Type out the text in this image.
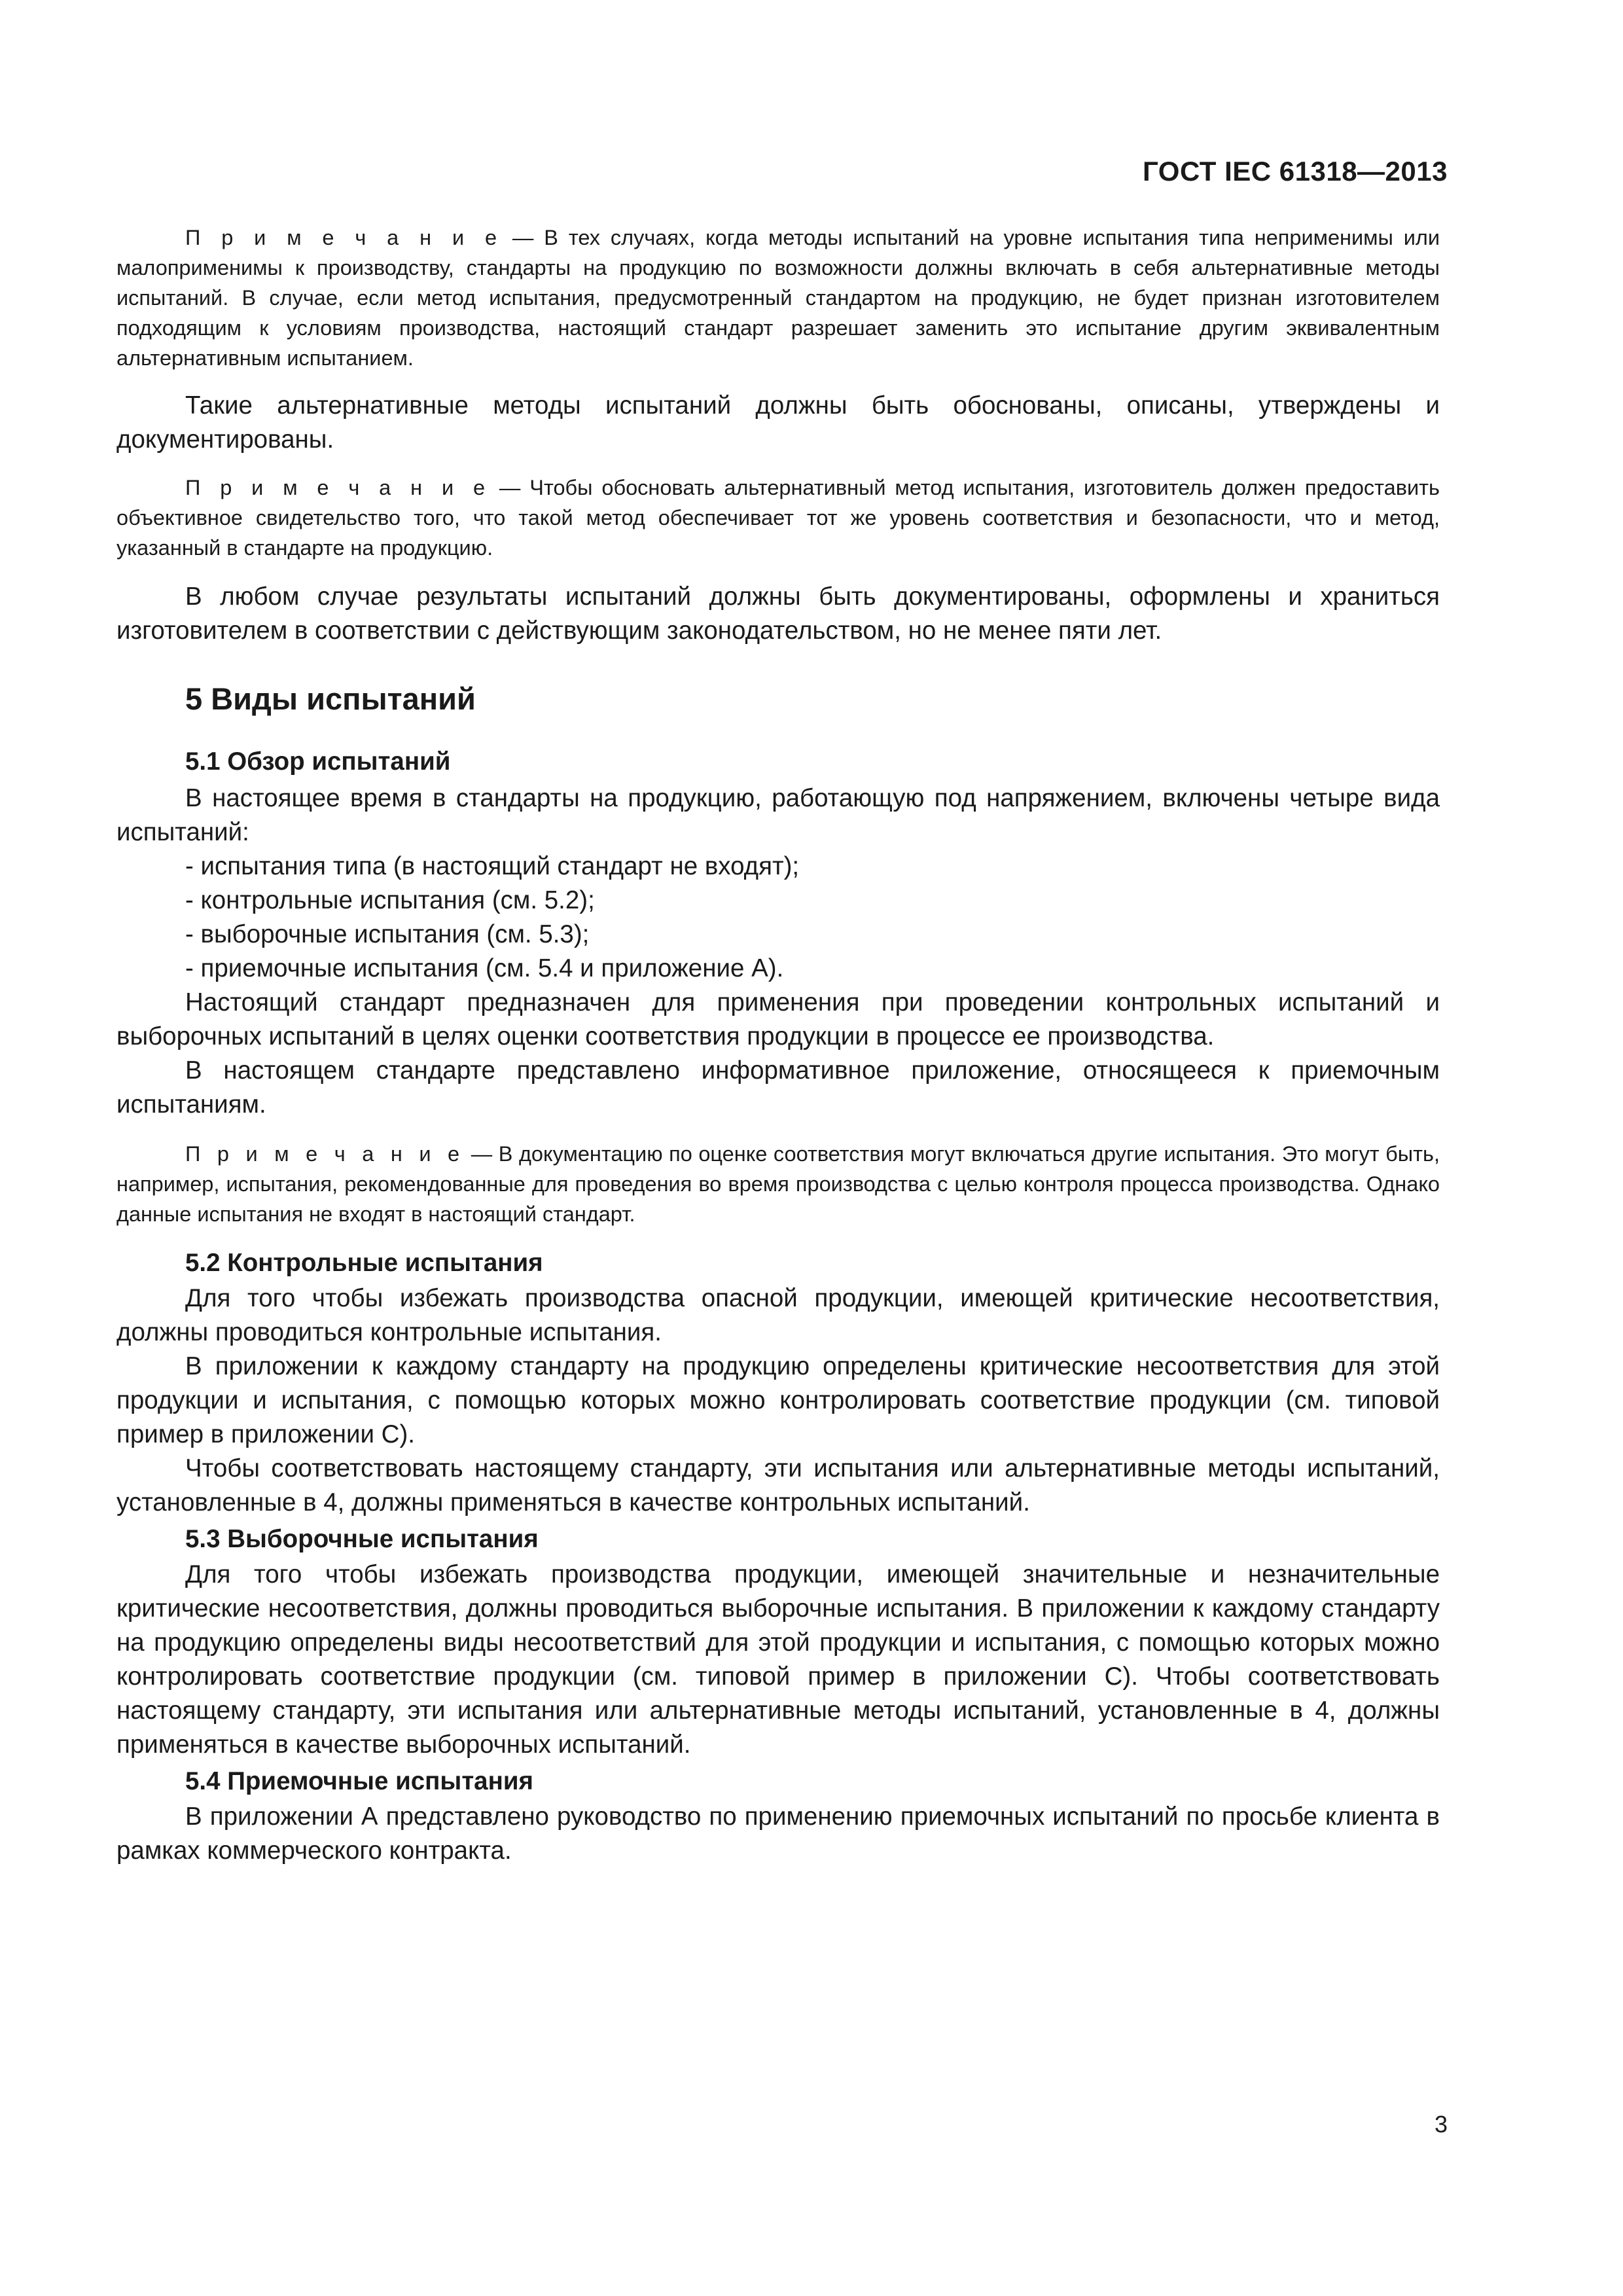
ГОСТ IEC 61318—2013

П р и м е ч а н и е — В тех случаях, когда методы испытаний на уровне испытания типа неприменимы или малоприменимы к производству, стандарты на продукцию по возможности должны включать в себя альтернативные методы испытаний. В случае, если метод испытания, предусмотренный стандартом на продукцию, не будет признан изготовителем подходящим к условиям производства, настоящий стандарт разрешает заменить это испытание другим эквивалентным альтернативным испытанием.

Такие альтернативные методы испытаний должны быть обоснованы, описаны, утверждены и документированы.

П р и м е ч а н и е — Чтобы обосновать альтернативный метод испытания, изготовитель должен предоставить объективное свидетельство того, что такой метод обеспечивает тот же уровень соответствия и безопасности, что и метод, указанный в стандарте на продукцию.

В любом случае результаты испытаний должны быть документированы, оформлены и храниться изготовителем в соответствии с действующим законодательством, но не менее пяти лет.

5 Виды испытаний
5.1 Обзор испытаний

В настоящее время в стандарты на продукцию, работающую под напряжением, включены четыре вида испытаний:

- испытания типа (в настоящий стандарт не входят);

- контрольные испытания (см. 5.2);

- выборочные испытания (см. 5.3);

- приемочные испытания (см. 5.4 и приложение А).

Настоящий стандарт предназначен для применения при проведении контрольных испытаний и выборочных испытаний в целях оценки соответствия продукции в процессе ее производства.

В настоящем стандарте представлено информативное приложение, относящееся к приемочным испытаниям.

П р и м е ч а н и е — В документацию по оценке соответствия могут включаться другие испытания. Это могут быть, например, испытания, рекомендованные для проведения во время производства с целью контроля процесса производства. Однако данные испытания не входят в настоящий стандарт.

5.2 Контрольные испытания

Для того чтобы избежать производства опасной продукции, имеющей критические несоответствия, должны проводиться контрольные испытания.

В приложении к каждому стандарту на продукцию определены критические несоответствия для этой продукции и испытания, с помощью которых можно контролировать соответствие продукции (см. типовой пример в приложении С).

Чтобы соответствовать настоящему стандарту, эти испытания или альтернативные методы испытаний, установленные в 4, должны применяться в качестве контрольных испытаний.

5.3 Выборочные испытания

Для того чтобы избежать производства продукции, имеющей значительные и незначительные критические несоответствия, должны проводиться выборочные испытания. В приложении к каждому стандарту на продукцию определены виды несоответствий для этой продукции и испытания, с помощью которых можно контролировать соответствие продукции (см. типовой пример в приложении С). Чтобы соответствовать настоящему стандарту, эти испытания или альтернативные методы испытаний, установленные в 4, должны применяться в качестве выборочных испытаний.

5.4 Приемочные испытания

В приложении А представлено руководство по применению приемочных испытаний по просьбе клиента в рамках коммерческого контракта.

3
